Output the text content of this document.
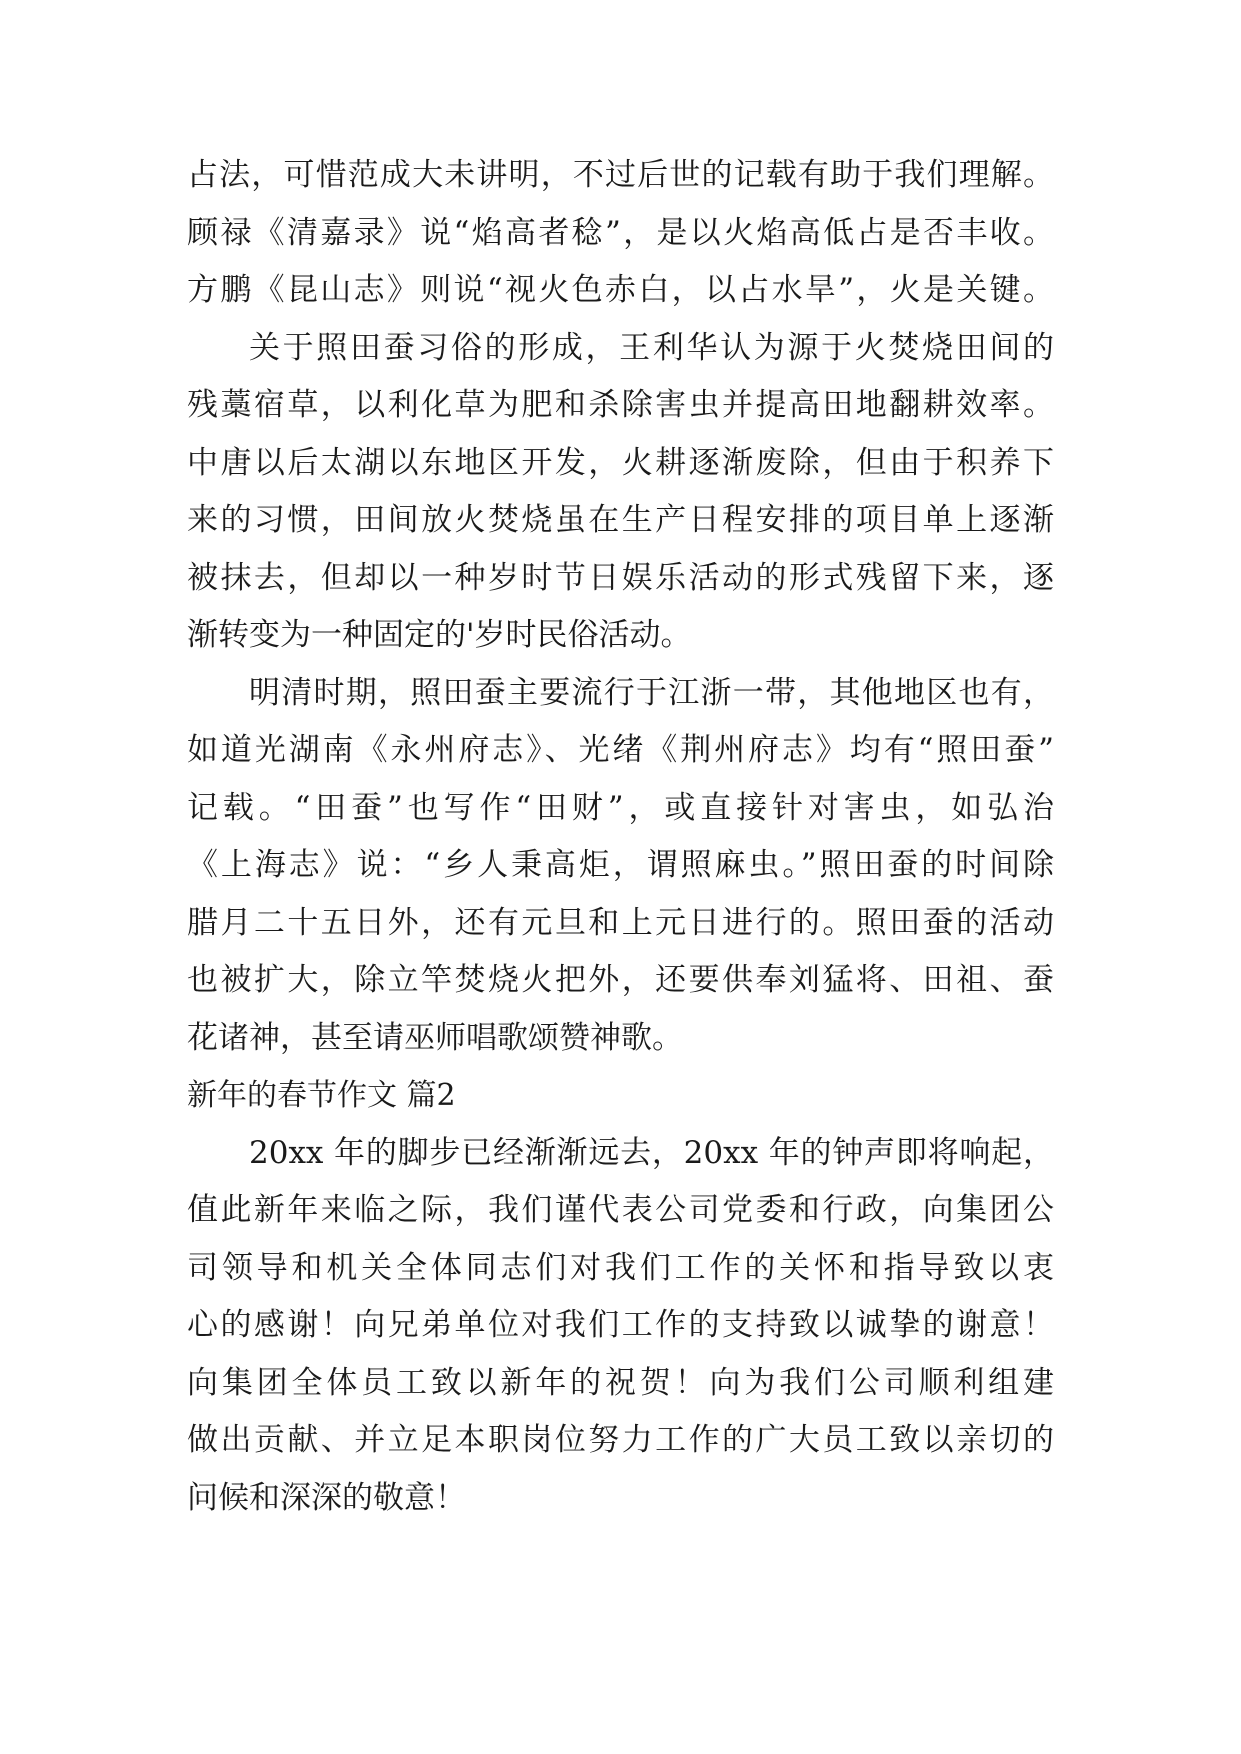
占法，可惜范成大未讲明，不过后世的记载有助于我们理解。
顾禄《清嘉录》说“焰高者稔”，是以火焰高低占是否丰收。
方鹏《昆山志》则说“视火色赤白，以占水旱”，火是关键。
关于照田蚕习俗的形成，王利华认为源于火焚烧田间的
残藁宿草，以利化草为肥和杀除害虫并提高田地翻耕效率。
中唐以后太湖以东地区开发，火耕逐渐废除，但由于积养下
来的习惯，田间放火焚烧虽在生产日程安排的项目单上逐渐
被抹去，但却以一种岁时节日娱乐活动的形式残留下来，逐
渐转变为一种固定的'岁时民俗活动。
明清时期，照田蚕主要流行于江浙一带，其他地区也有，
如道光湖南《永州府志》、光绪《荆州府志》均有“照田蚕”
记载。“田蚕”也写作“田财”，或直接针对害虫，如弘治
《上海志》说：“乡人秉高炬，谓照麻虫。”照田蚕的时间除
腊月二十五日外，还有元旦和上元日进行的。照田蚕的活动
也被扩大，除立竿焚烧火把外，还要供奉刘猛将、田祖、蚕
花诸神，甚至请巫师唱歌颂赞神歌。
新年的春节作文 篇2
20xx 年的脚步已经渐渐远去，20xx 年的钟声即将响起，
值此新年来临之际，我们谨代表公司党委和行政，向集团公
司领导和机关全体同志们对我们工作的关怀和指导致以衷
心的感谢！向兄弟单位对我们工作的支持致以诚挚的谢意！
向集团全体员工致以新年的祝贺！向为我们公司顺利组建
做出贡献、并立足本职岗位努力工作的广大员工致以亲切的
问候和深深的敬意！
